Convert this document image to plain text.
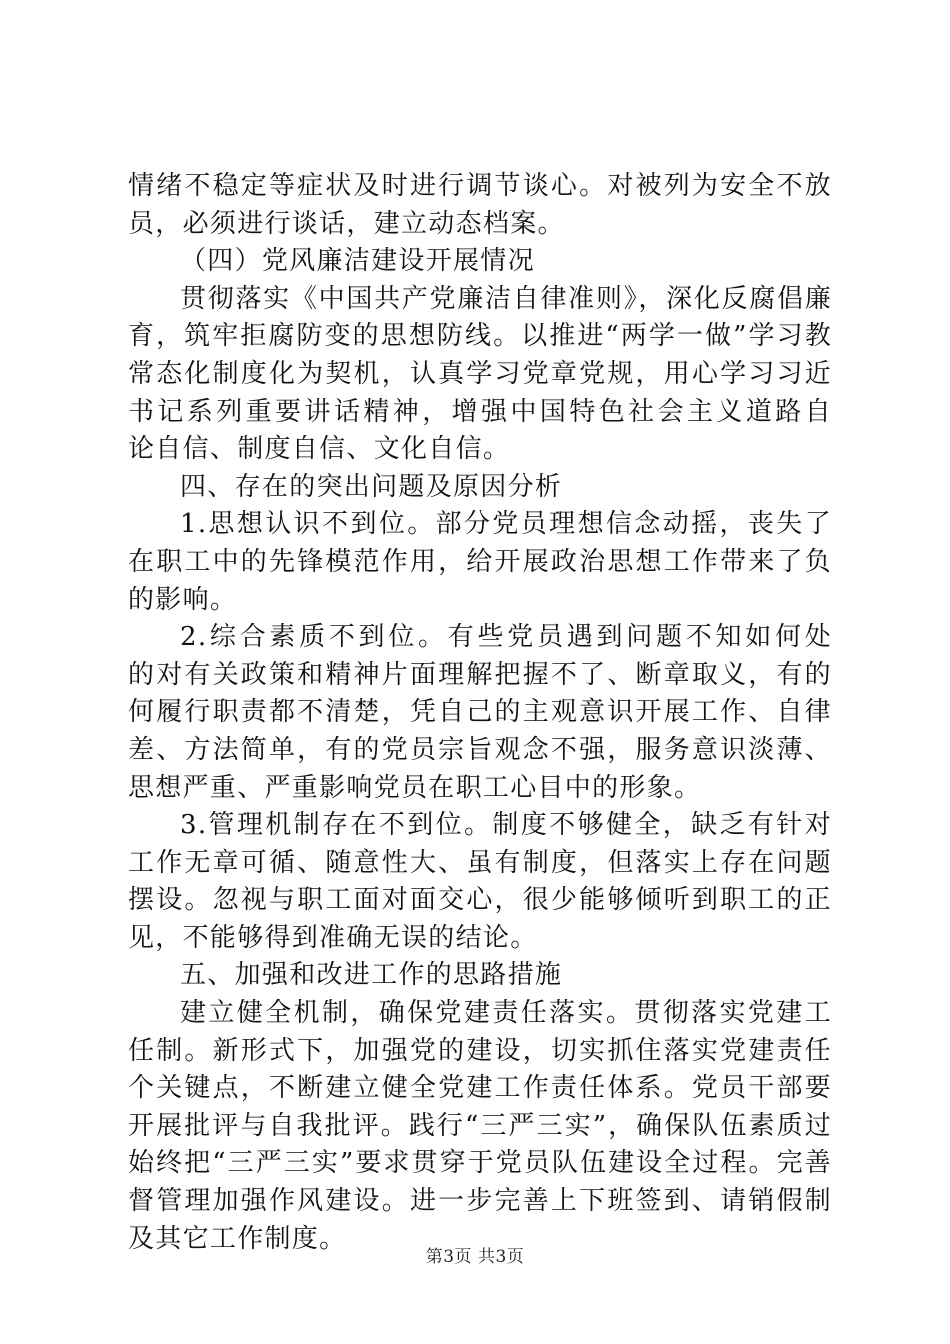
情绪不稳定等症状及时进行调节谈心。对被列为安全不放
员，必须进行谈话，建立动态档案。
（四）党风廉洁建设开展情况
贯彻落实《中国共产党廉洁自律准则》，深化反腐倡廉
育，筑牢拒腐防变的思想防线。以推进“两学一做”学习教
常态化制度化为契机，认真学习党章党规，用心学习习近
书记系列重要讲话精神，增强中国特色社会主义道路自
论自信、制度自信、文化自信。
四、存在的突出问题及原因分析
1.思想认识不到位。部分党员理想信念动摇，丧失了
在职工中的先锋模范作用，给开展政治思想工作带来了负
的影响。
2.综合素质不到位。有些党员遇到问题不知如何处
的对有关政策和精神片面理解把握不了、断章取义，有的
何履行职责都不清楚，凭自己的主观意识开展工作、自律
差、方法简单，有的党员宗旨观念不强，服务意识淡薄、
思想严重、严重影响党员在职工心目中的形象。
3.管理机制存在不到位。制度不够健全，缺乏有针对
工作无章可循、随意性大、虽有制度，但落实上存在问题
摆设。忽视与职工面对面交心，很少能够倾听到职工的正
见，不能够得到准确无误的结论。
五、加强和改进工作的思路措施
建立健全机制，确保党建责任落实。贯彻落实党建工
任制。新形式下，加强党的建设，切实抓住落实党建责任
个关键点，不断建立健全党建工作责任体系。党员干部要
开展批评与自我批评。践行“三严三实”，确保队伍素质过
始终把“三严三实”要求贯穿于党员队伍建设全过程。完善
督管理加强作风建设。进一步完善上下班签到、请销假制
及其它工作制度。
第3页 共3页
